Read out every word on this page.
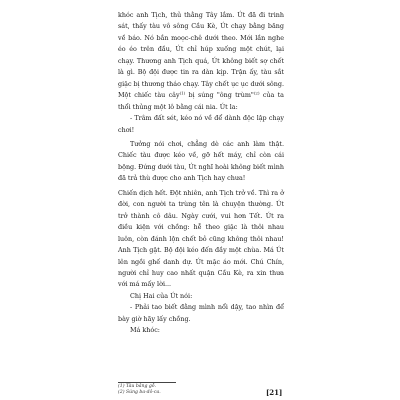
khóc anh Tịch, thủ thằng Tây lắm. Út đã đi trinh sát, thấy tàu vô sông Cầu Kè, Út chạy bằng băng về báo. Nó bắn moọc-chê dưới theo. Mới lần nghe éo éo trên đầu, Út chỉ húp xuống một chút, lại chạy. Thương anh Tịch quá, Út không biết sợ chết là gì. Bộ đội được tin ra dàn kịp. Trận ấy, tàu sắt giặc bị thương tháo chạy. Tây chết ục ục dưới sông. Một chiếc tàu cây$^{(1)}$ bị súng "ông trùm"$^{(2)}$ của ta thổi thủng một lô bằng cái nia. Út la:

- Trâm đất sét, kéo nó về để dành độc lập chạy chơi!

Tưởng nói chơi, chẳng dè các anh làm thật. Chiếc tàu được kéo về, gỡ hết máy, chỉ còn cái bộng. Đứng dưới tàu, Út nghĩ hoài không biết mình đã trả thù được cho anh Tịch hay chưa!

Chiến dịch hết. Đột nhiên, anh Tịch trở về. Thì ra ở đời, con người ta trùng tên là chuyện thường. Út trở thành cô dâu. Ngày cưới, vui hơn Tết. Út ra điều kiện với chồng: hễ theo giặc là thôi nhau luôn, còn đánh lộn chết bỏ cũng không thôi nhau! Anh Tịch gật. Bộ đội kéo đến đầy một chùa. Má Út lên ngồi ghế danh dự. Út mặc áo mới. Chú Chín, người chỉ huy cao nhất quận Cầu Kè, ra xin thưa với má mấy lời...

Chị Hai của Út nói:

- Phải tao biết đằng mình nổi dậy, tao nhìn để bày giờ hãy lấy chồng.

Má khóc:

(1) Tàu bằng gỗ.
(2) Súng ba-dô-ca.	[21]
